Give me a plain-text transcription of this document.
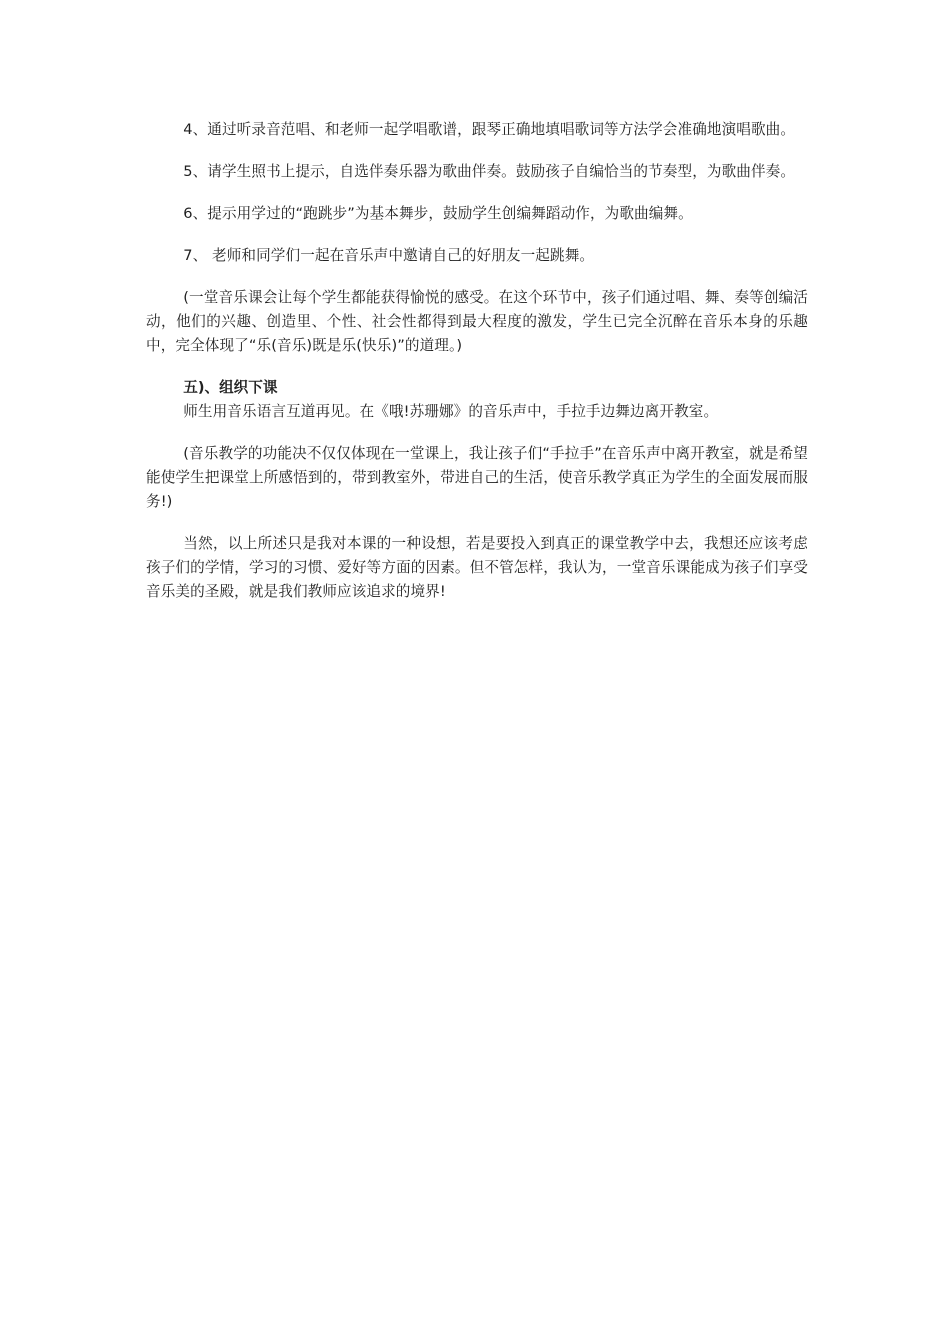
4、通过听录音范唱、和老师一起学唱歌谱，跟琴正确地填唱歌词等方法学会准确地演唱歌曲。

5、请学生照书上提示，自选伴奏乐器为歌曲伴奏。鼓励孩子自编恰当的节奏型，为歌曲伴奏。

6、提示用学过的“跑跳步”为基本舞步，鼓励学生创编舞蹈动作，为歌曲编舞。

7、 老师和同学们一起在音乐声中邀请自己的好朋友一起跳舞。

(一堂音乐课会让每个学生都能获得愉悦的感受。在这个环节中，孩子们通过唱、舞、奏等创编活动，他们的兴趣、创造里、个性、社会性都得到最大程度的激发，学生已完全沉醉在音乐本身的乐趣中，完全体现了“乐(音乐)既是乐(快乐)”的道理。)

五)、组织下课

师生用音乐语言互道再见。在《哦!苏珊娜》的音乐声中，手拉手边舞边离开教室。

(音乐教学的功能决不仅仅体现在一堂课上，我让孩子们“手拉手”在音乐声中离开教室，就是希望能使学生把课堂上所感悟到的，带到教室外，带进自己的生活，使音乐教学真正为学生的全面发展而服务!)

当然，以上所述只是我对本课的一种设想，若是要投入到真正的课堂教学中去，我想还应该考虑孩子们的学情，学习的习惯、爱好等方面的因素。但不管怎样，我认为，一堂音乐课能成为孩子们享受音乐美的圣殿，就是我们教师应该追求的境界!
